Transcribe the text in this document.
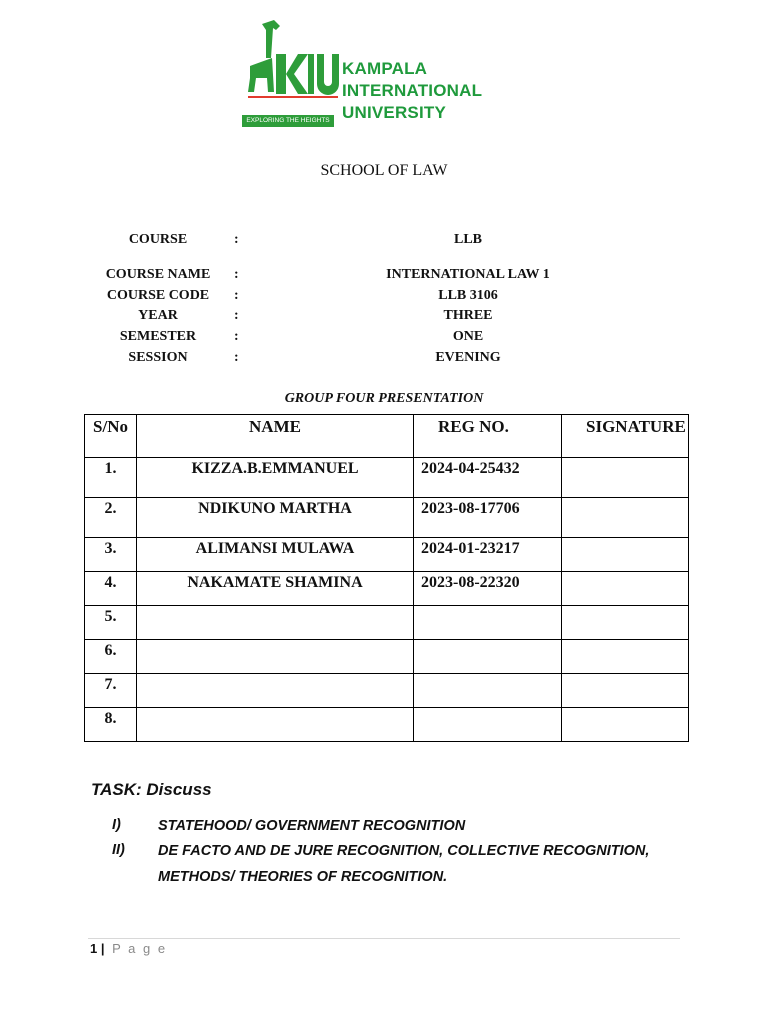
EXPLORING THE HEIGHTS
KAMPALA
INTERNATIONAL
UNIVERSITY
SCHOOL OF LAW
COURSE	:	LLB
COURSE NAME	:	INTERNATIONAL LAW 1
COURSE CODE	:	LLB 3106
YEAR	:	THREE
SEMESTER	:	ONE
SESSION	:	EVENING
GROUP FOUR PRESENTATION
S/No	NAME	REG NO.	SIGNATURE
1.	KIZZA.B.EMMANUEL	2024-04-25432	
2.	NDIKUNO MARTHA	2023-08-17706	
3.	ALIMANSI MULAWA	2024-01-23217	
4.	NAKAMATE SHAMINA	2023-08-22320	
5.			
6.			
7.			
8.			
TASK: Discuss
I)	STATEHOOD/ GOVERNMENT RECOGNITION
II) DE FACTO AND DE JURE RECOGNITION, COLLECTIVE RECOGNITION, METHODS/ THEORIES OF RECOGNITION.
1 | P a g e
